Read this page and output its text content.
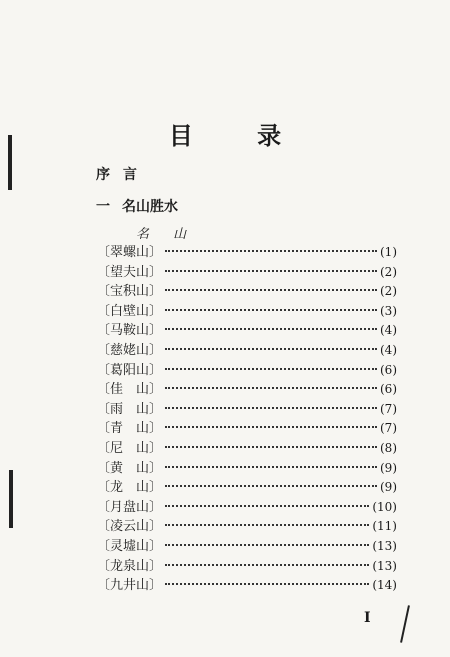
目 录
序 言
一 名山胜水
名 山
〔翠螺山〕	(1)
〔望夫山〕	(2)
〔宝积山〕	(2)
〔白壁山〕	(3)
〔马鞍山〕	(4)
〔慈姥山〕	(4)
〔葛阳山〕	(6)
〔佳　山〕	(6)
〔雨　山〕	(7)
〔青　山〕	(7)
〔尼　山〕	(8)
〔黄　山〕	(9)
〔龙　山〕	(9)
〔月盘山〕	(10)
〔凌云山〕	(11)
〔灵墟山〕	(13)
〔龙泉山〕	(13)
〔九井山〕	(14)
I
